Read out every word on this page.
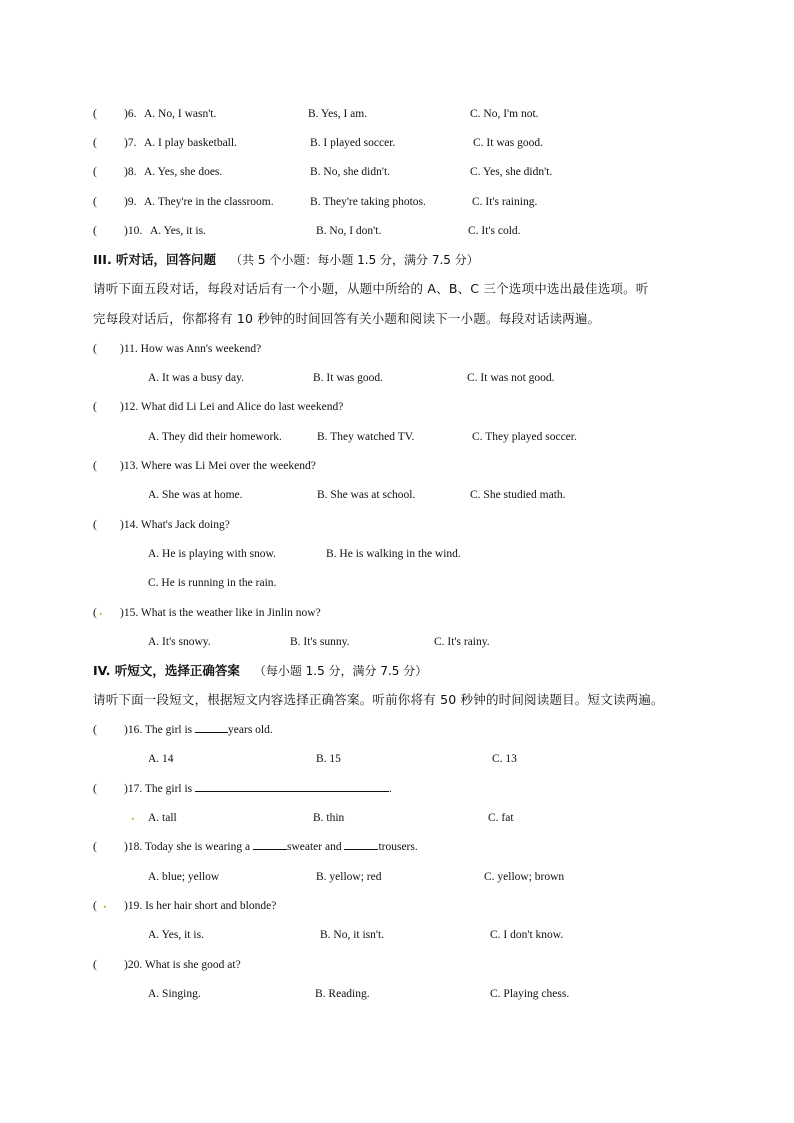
( )6. A. No, I wasn't.	B. Yes, I am.	C. No, I'm not.
( )7. A. I play basketball.	B. I played soccer.	C. It was good.
( )8. A. Yes, she does.	B. No, she didn't.	C. Yes, she didn't.
( )9. A. They're in the classroom.	B. They're taking photos.	C. It's raining.
( )10. A. Yes, it is.	B. No, I don't.	C. It's cold.
III. 听对话，回答问题 （共 5 个小题：每小题 1.5 分，满分 7.5 分）
请听下面五段对话，每段对话后有一个小题，从题中所给的 A、B、C 三个选项中选出最佳选项。听
完每段对话后，你都将有 10 秒钟的时间回答有关小题和阅读下一小题。每段对话读两遍。
( )11. How was Ann's weekend?
A. It was a busy day.	B. It was good.	C. It was not good.
( )12. What did Li Lei and Alice do last weekend?
A. They did their homework.	B. They watched TV.	C. They played soccer.
( )13. Where was Li Mei over the weekend?
A. She was at home.	B. She was at school.	C. She studied math.
( )14. What's Jack doing?
A. He is playing with snow.	B. He is walking in the wind.
C. He is running in the rain.
( ． )15. What is the weather like in Jinlin now?
A. It's snowy.	B. It's sunny.	C. It's rainy.
IV. 听短文，选择正确答案 （每小题 1.5 分，满分 7.5 分）
请听下面一段短文，根据短文内容选择正确答案。听前你将有 50 秒钟的时间阅读题目。短文读两遍。
( )16. The girl is	years old.
A. 14	B. 15	C. 13
( )17. The girl is	.
． A. tall	B. thin	C. fat
( )18. Today she is wearing a	sweater and	trousers.
A. blue; yellow	B. yellow; red	C. yellow; brown
( ． )19. Is her hair short and blonde?
A. Yes, it is.	B. No, it isn't.	C. I don't know.
( )20. What is she good at?
A. Singing.	B. Reading.	C. Playing chess.
